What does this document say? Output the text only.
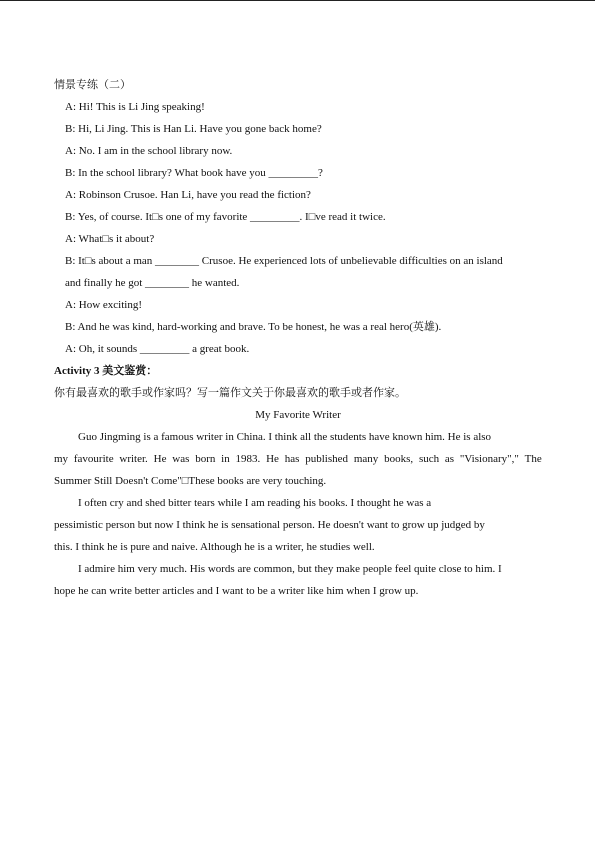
情景专练（二）
A: Hi! This is Li Jing speaking!
B: Hi, Li Jing. This is Han Li. Have you gone back home?
A: No. I am in the school library now.
B: In the school library? What book have you _________?
A: Robinson Crusoe. Han Li, have you read the fiction?
B: Yes, of course. It□s one of my favorite _________. I□ve read it twice.
A: What□s it about?
B: It□s about a man ________ Crusoe. He experienced lots of unbelievable difficulties on an island
and finally he got ________ he wanted.
A: How exciting!
B: And he was kind, hard-working and brave. To be honest, he was a real hero(英雄).
A: Oh, it sounds _________ a great book.
Activity 3 美文鉴赏：
你有最喜欢的歌手或作家吗？写一篇作文关于你最喜欢的歌手或者作家。
My Favorite Writer
Guo Jingming is a famous writer in China. I think all the students have known him. He is also
my favourite writer. He was born in 1983. He has published many books, such as "Visionary"," The
Summer Still Doesn't Come"□These books are very touching.
I often cry and shed bitter tears while I am reading his books. I thought he was a
pessimistic person but now I think he is sensational person. He doesn't want to grow up judged by
this. I think he is pure and naive. Although he is a writer, he studies well.
I admire him very much. His words are common, but they make people feel quite close to him. I
hope he can write better articles and I want to be a writer like him when I grow up.
